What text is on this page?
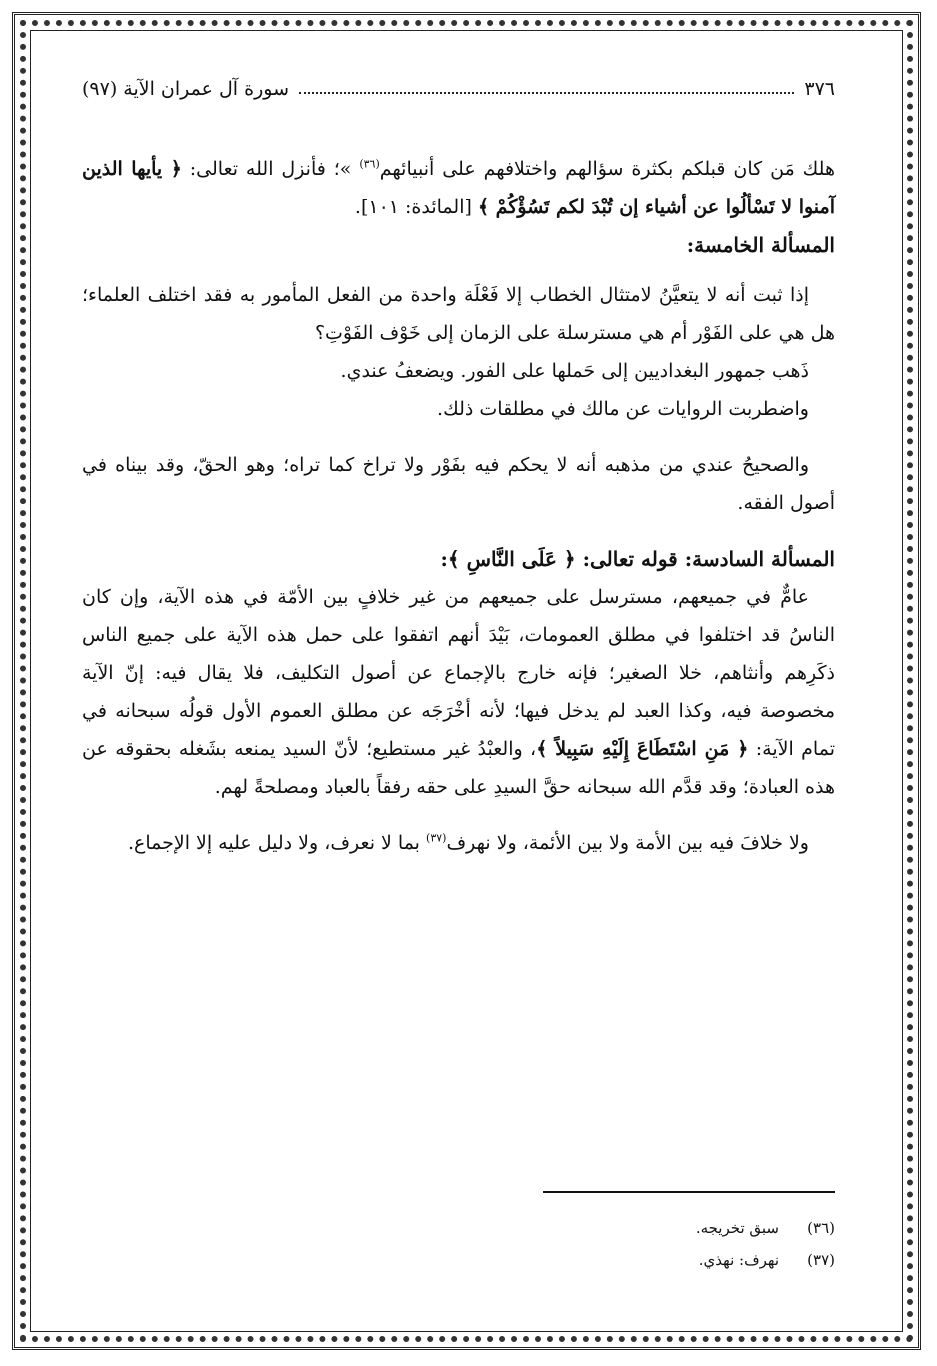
٣٧٦
سورة آل عمران الآية (٩٧)

هلك مَن كان قبلكم بكثرة سؤالهم واختلافهم على أنبيائهم$^{(٣٦)}$ »؛ فأنزل الله تعالى: ﴿ يأيها الذين آمنوا لا تَسْألُوا عن أشياء إن تُبْدَ لكم تَسُؤْكُمْ ﴾ [المائدة: ١٠١].

المسألة الخامسة:

إذا ثبت أنه لا يتعيَّنُ لامتثال الخطاب إلا فَعْلَة واحدة من الفعل المأمور به فقد اختلف العلماء؛ هل هي على الفَوْر أم هي مسترسلة على الزمان إلى خَوْف الفَوْتِ؟

ذَهب جمهور البغداديين إلى حَملها على الفور. ويضعفُ عندي.

واضطربت الروايات عن مالك في مطلقات ذلك.

والصحيحُ عندي من مذهبه أنه لا يحكم فيه بفَوْر ولا تراخ كما تراه؛ وهو الحقّ، وقد بيناه في أصول الفقه.

المسألة السادسة: قوله تعالى: ﴿ عَلَى النَّاسِ ﴾:

عامٌّ في جميعهم، مسترسل على جميعهم من غير خلافٍ بين الأمّة في هذه الآية، وإن كان الناسُ قد اختلفوا في مطلق العمومات، بَيْدَ أنهم اتفقوا على حمل هذه الآية على جميع الناس ذكَرِهم وأنثاهم، خلا الصغير؛ فإنه خارج بالإجماع عن أصول التكليف، فلا يقال فيه: إنّ الآية مخصوصة فيه، وكذا العبد لم يدخل فيها؛ لأنه أخْرَجَه عن مطلق العموم الأول قولُه سبحانه في تمام الآية: ﴿ مَنِ اسْتَطَاعَ إِلَيْهِ سَبِيلاً ﴾، والعبْدُ غير مستطيع؛ لأنّ السيد يمنعه بشَغله بحقوقه عن هذه العبادة؛ وقد قدَّم الله سبحانه حقَّ السيدِ على حقه رفقاً بالعباد ومصلحةً لهم.

ولا خلافَ فيه بين الأمة ولا بين الأئمة، ولا نهرف$^{(٣٧)}$ بما لا نعرف، ولا دليل عليه إلا الإجماع.

(٣٦)
سبق تخريجه.
(٣٧)
نهرف: نهذي.
